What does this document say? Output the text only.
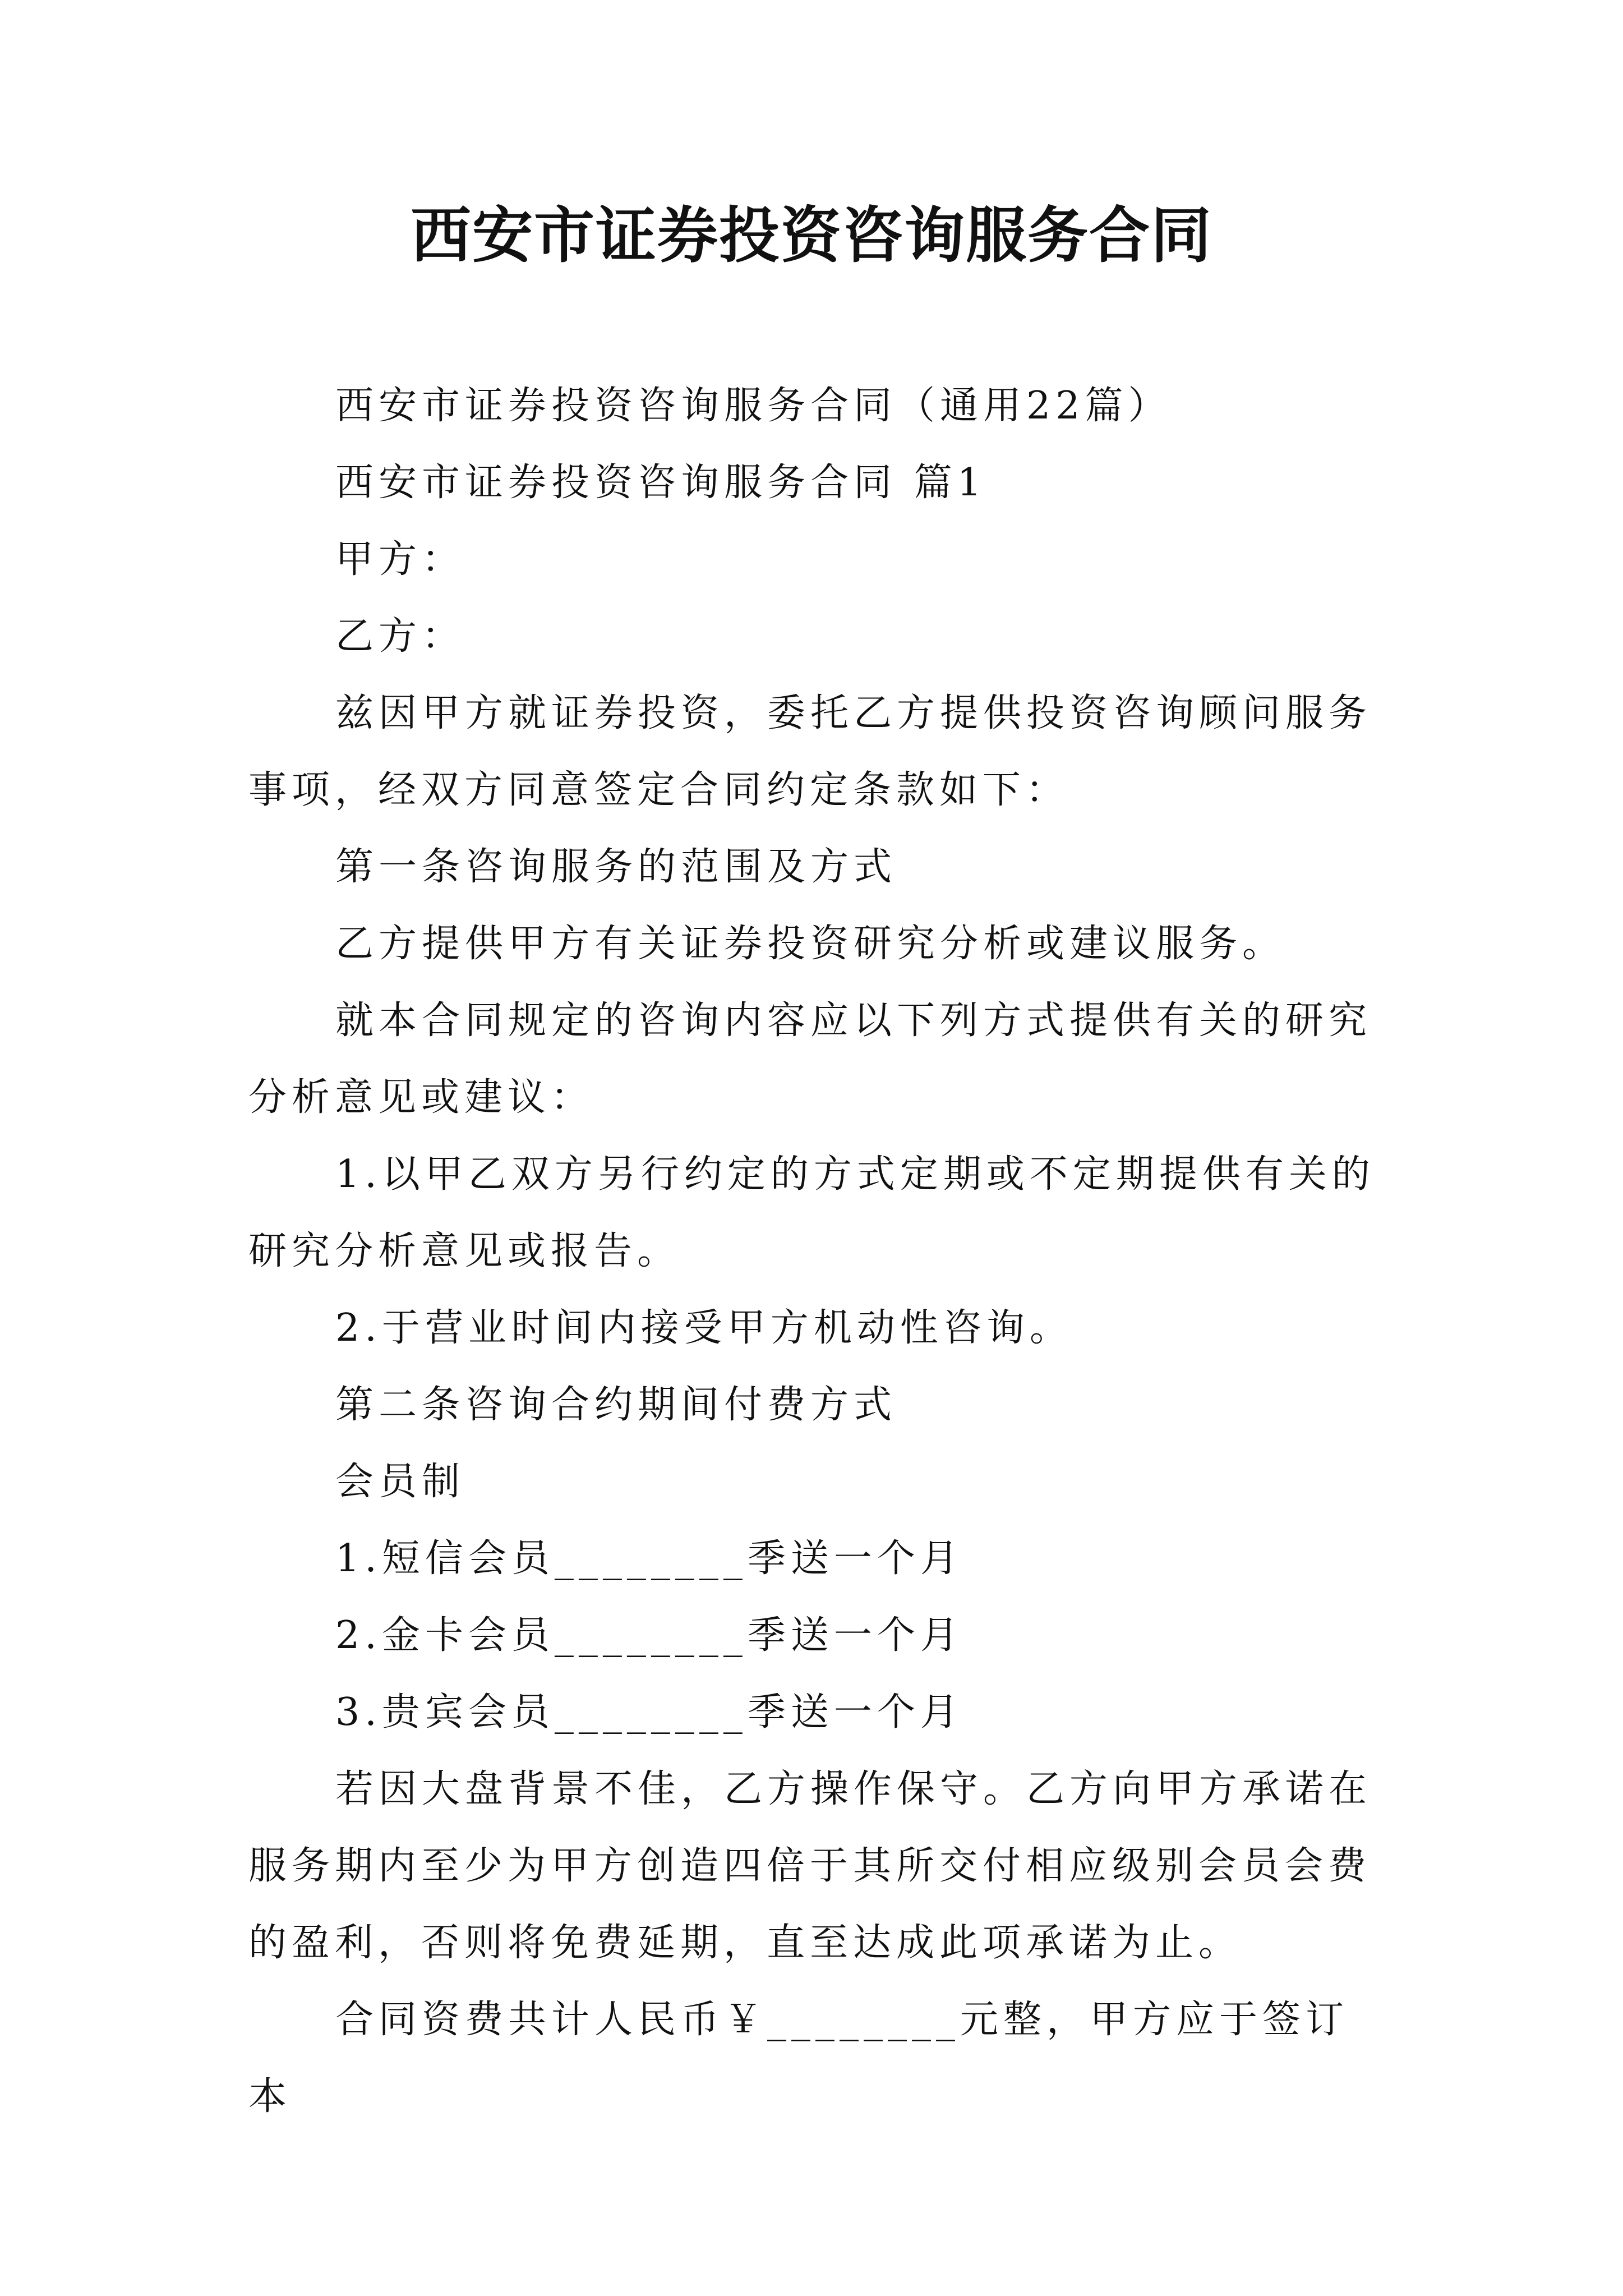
西安市证券投资咨询服务合同

西安市证券投资咨询服务合同（通用22篇）

西安市证券投资咨询服务合同 篇1

甲方：

乙方：

兹因甲方就证券投资，委托乙方提供投资咨询顾问服务事项，经双方同意签定合同约定条款如下：

第一条咨询服务的范围及方式

乙方提供甲方有关证券投资研究分析或建议服务。

就本合同规定的咨询内容应以下列方式提供有关的研究分析意见或建议：

1.以甲乙双方另行约定的方式定期或不定期提供有关的研究分析意见或报告。

2.于营业时间内接受甲方机动性咨询。

第二条咨询合约期间付费方式

会员制

1.短信会员________季送一个月

2.金卡会员________季送一个月

3.贵宾会员________季送一个月

若因大盘背景不佳，乙方操作保守。乙方向甲方承诺在服务期内至少为甲方创造四倍于其所交付相应级别会员会费的盈利，否则将免费延期，直至达成此项承诺为止。

合同资费共计人民币￥________元整，甲方应于签订本
